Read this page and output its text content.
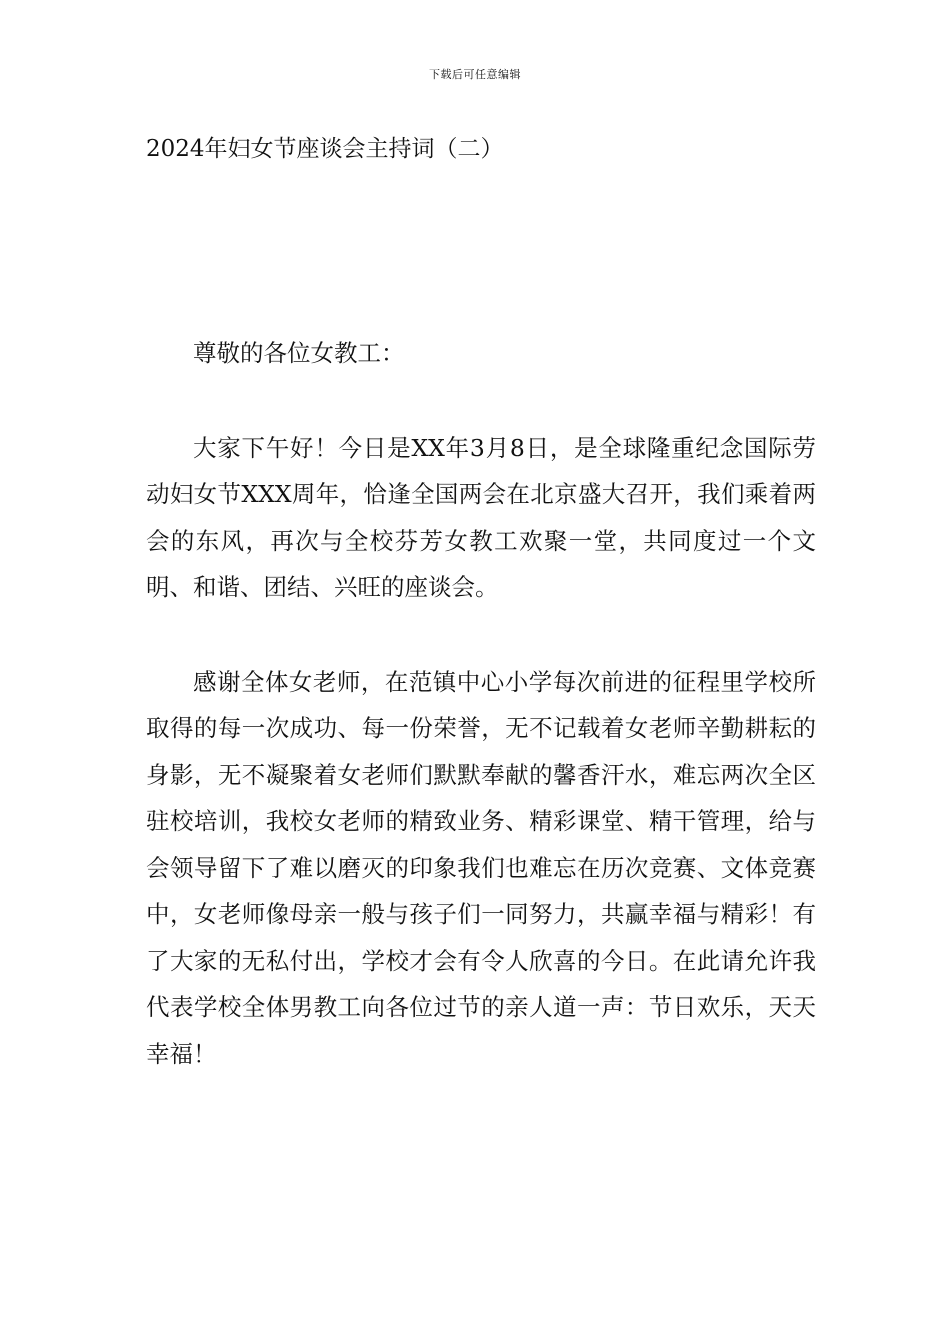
下载后可任意编辑
2024年妇女节座谈会主持词（二）

尊敬的各位女教工：

大家下午好！今日是XX年3月8日，是全球隆重纪念国际劳动妇女节XXX周年，恰逢全国两会在北京盛大召开，我们乘着两会的东风，再次与全校芬芳女教工欢聚一堂，共同度过一个文明、和谐、团结、兴旺的座谈会。

感谢全体女老师，在范镇中心小学每次前进的征程里学校所取得的每一次成功、每一份荣誉，无不记载着女老师辛勤耕耘的身影，无不凝聚着女老师们默默奉献的馨香汗水，难忘两次全区驻校培训，我校女老师的精致业务、精彩课堂、精干管理，给与会领导留下了难以磨灭的印象我们也难忘在历次竞赛、文体竞赛中，女老师像母亲一般与孩子们一同努力，共赢幸福与精彩！有了大家的无私付出，学校才会有令人欣喜的今日。在此请允许我代表学校全体男教工向各位过节的亲人道一声：节日欢乐，天天幸福！
